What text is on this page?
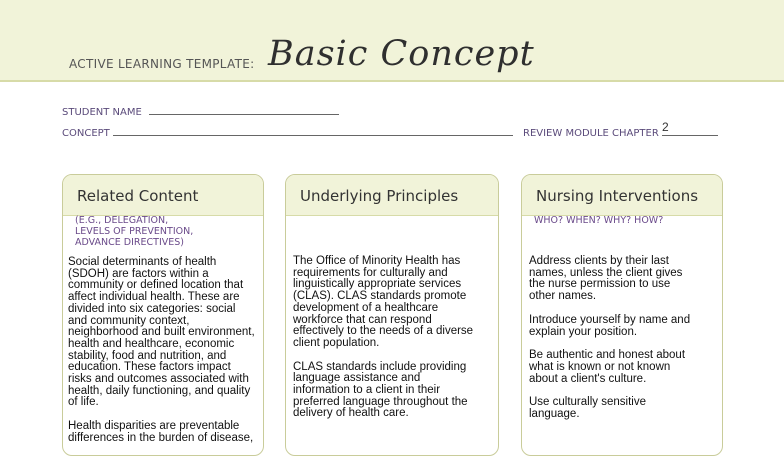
ACTIVE LEARNING TEMPLATE: Basic Concept
STUDENT NAME
CONCEPT	REVIEW MODULE CHAPTER 2
Related Content
(E.G., DELEGATION,
LEVELS OF PREVENTION,
ADVANCE DIRECTIVES)

Social determinants of health
(SDOH) are factors within a
community or defined location that
affect individual health. These are
divided into six categories: social
and community context,
neighborhood and built environment,
health and healthcare, economic
stability, food and nutrition, and
education. These factors impact
risks and outcomes associated with
health, daily functioning, and quality
of life.

Health disparities are preventable
differences in the burden of disease,

Underlying Principles

The Office of Minority Health has
requirements for culturally and
linguistically appropriate services
(CLAS). CLAS standards promote
development of a healthcare
workforce that can respond
effectively to the needs of a diverse
client population.

CLAS standards include providing
language assistance and
information to a client in their
preferred language throughout the
delivery of health care.

Nursing Interventions
WHO? WHEN? WHY? HOW?

Address clients by their last
names, unless the client gives
the nurse permission to use
other names.

Introduce yourself by name and
explain your position.

Be authentic and honest about
what is known or not known
about a client's culture.

Use culturally sensitive
language.
